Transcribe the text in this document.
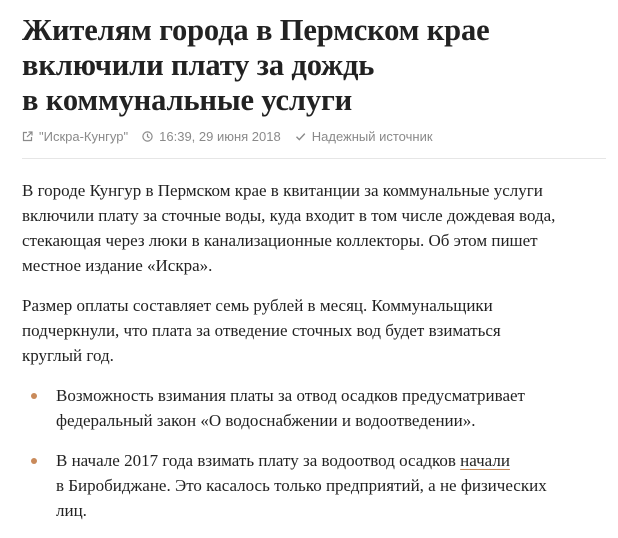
Жителям города в Пермском крае
включили плату за дождь
в коммунальные услуги
"Искра-Кунгур" 16:39, 29 июня 2018 Надежный источник

В городе Кунгур в Пермском крае в квитанции за коммунальные услуги
включили плату за сточные воды, куда входит в том числе дождевая вода,
стекающая через люки в канализационные коллекторы. Об этом пишет
местное издание «Искра».

Размер оплаты составляет семь рублей в месяц. Коммунальщики
подчеркнули, что плата за отведение сточных вод будет взиматься
круглый год.

Возможность взимания платы за отвод осадков предусматривает
федеральный закон «О водоснабжении и водоотведении».
В начале 2017 года взимать плату за водоотвод осадков начали
в Биробиджане. Это касалось только предприятий, а не физических
лиц.
